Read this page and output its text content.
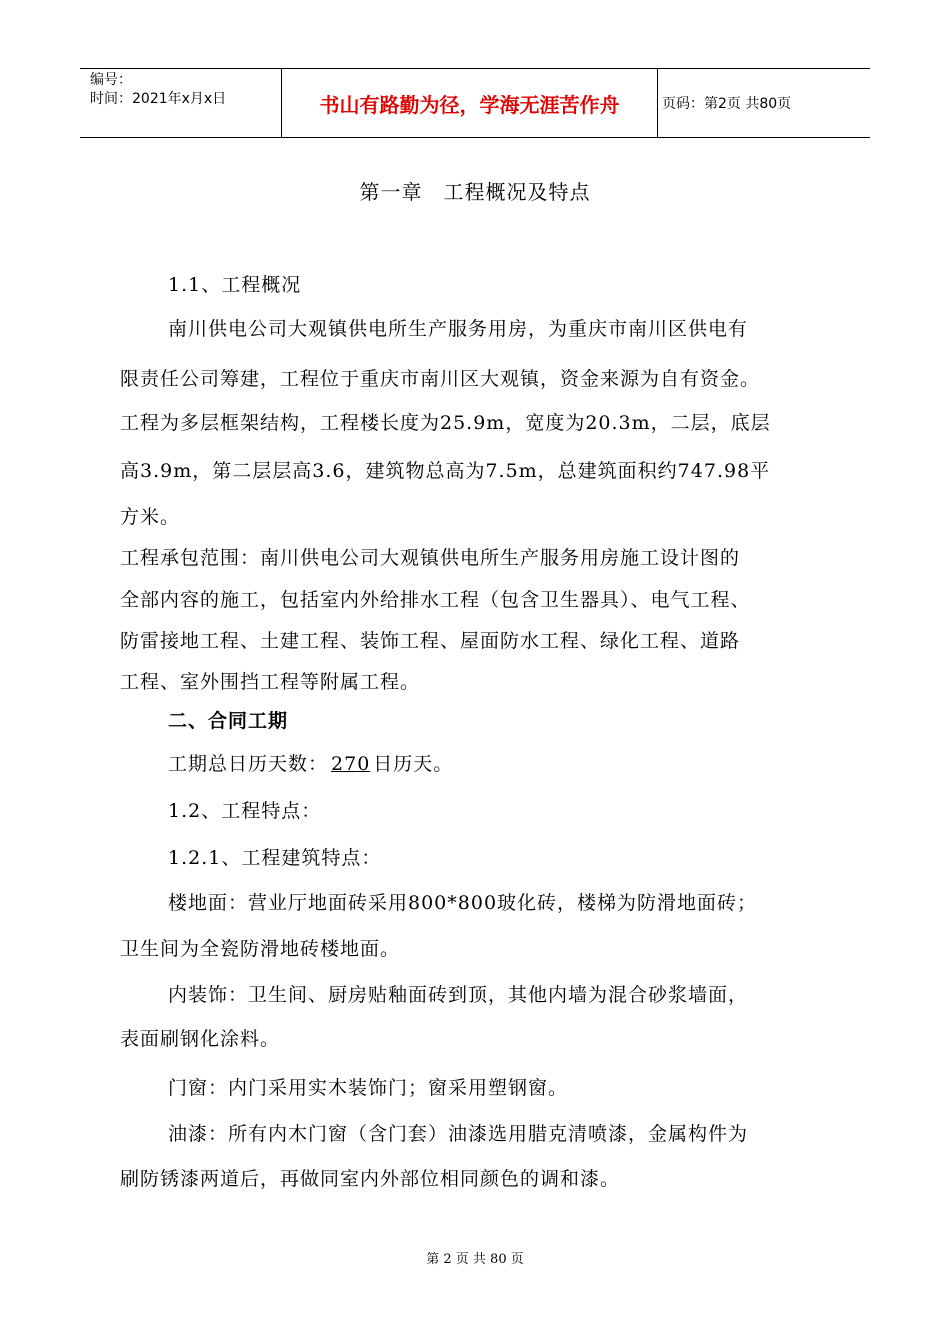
编号：
时间：2021年x月x日	书山有路勤为径，学海无涯苦作舟	页码：第2页 共80页
第一章　工程概况及特点
1.1、工程概况
南川供电公司大观镇供电所生产服务用房，为重庆市南川区供电有
限责任公司筹建，工程位于重庆市南川区大观镇，资金来源为自有资金。
工程为多层框架结构，工程楼长度为25.9m，宽度为20.3m，二层，底层
高3.9m，第二层层高3.6，建筑物总高为7.5m，总建筑面积约747.98平
方米。
工程承包范围：南川供电公司大观镇供电所生产服务用房施工设计图的
全部内容的施工，包括室内外给排水工程（包含卫生器具）、电气工程、
防雷接地工程、土建工程、装饰工程、屋面防水工程、绿化工程、道路
工程、室外围挡工程等附属工程。
二、合同工期
工期总日历天数： 270 日历天。
1.2、工程特点：
1.2.1、工程建筑特点：
楼地面：营业厅地面砖采用800*800玻化砖，楼梯为防滑地面砖；
卫生间为全瓷防滑地砖楼地面。
内装饰：卫生间、厨房贴釉面砖到顶，其他内墙为混合砂浆墙面，
表面刷钢化涂料。
门窗：内门采用实木装饰门；窗采用塑钢窗。
油漆：所有内木门窗（含门套）油漆选用腊克清喷漆，金属构件为
刷防锈漆两道后，再做同室内外部位相同颜色的调和漆。
第 2 页 共 80 页
